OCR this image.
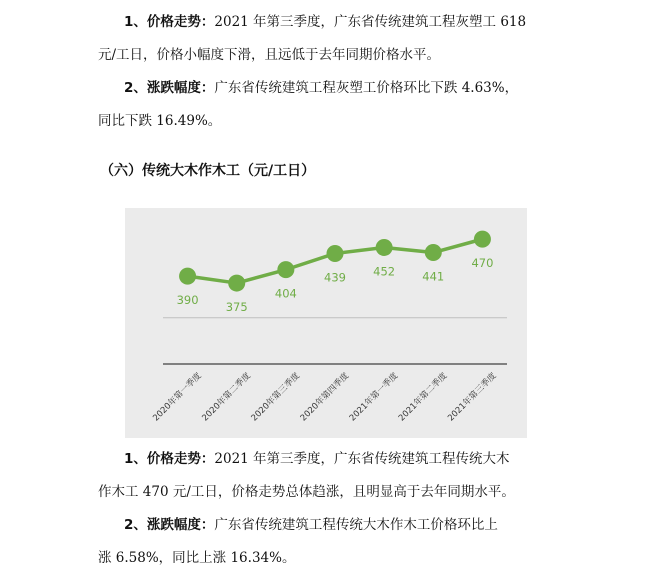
1、价格走势：2021 年第三季度，广东省传统建筑工程灰塑工 618
元/工日，价格小幅度下滑，且远低于去年同期价格水平。

2、涨跌幅度：广东省传统建筑工程灰塑工价格环比下跌 4.63%，
同比下跌 16.49%。

（六）传统大木作木工（元/工日）
390 375
404
439 452 441
470
2020年第一季度
2020年第二季度
2020年第三季度
2020年第四季度
2021年第一季度
2021年第二季度
2021年第三季度

1、价格走势：2021 年第三季度，广东省传统建筑工程传统大木
作木工 470 元/工日，价格走势总体趋涨，且明显高于去年同期水平。

2、涨跌幅度：广东省传统建筑工程传统大木作木工价格环比上
涨 6.58%，同比上涨 16.34%。
